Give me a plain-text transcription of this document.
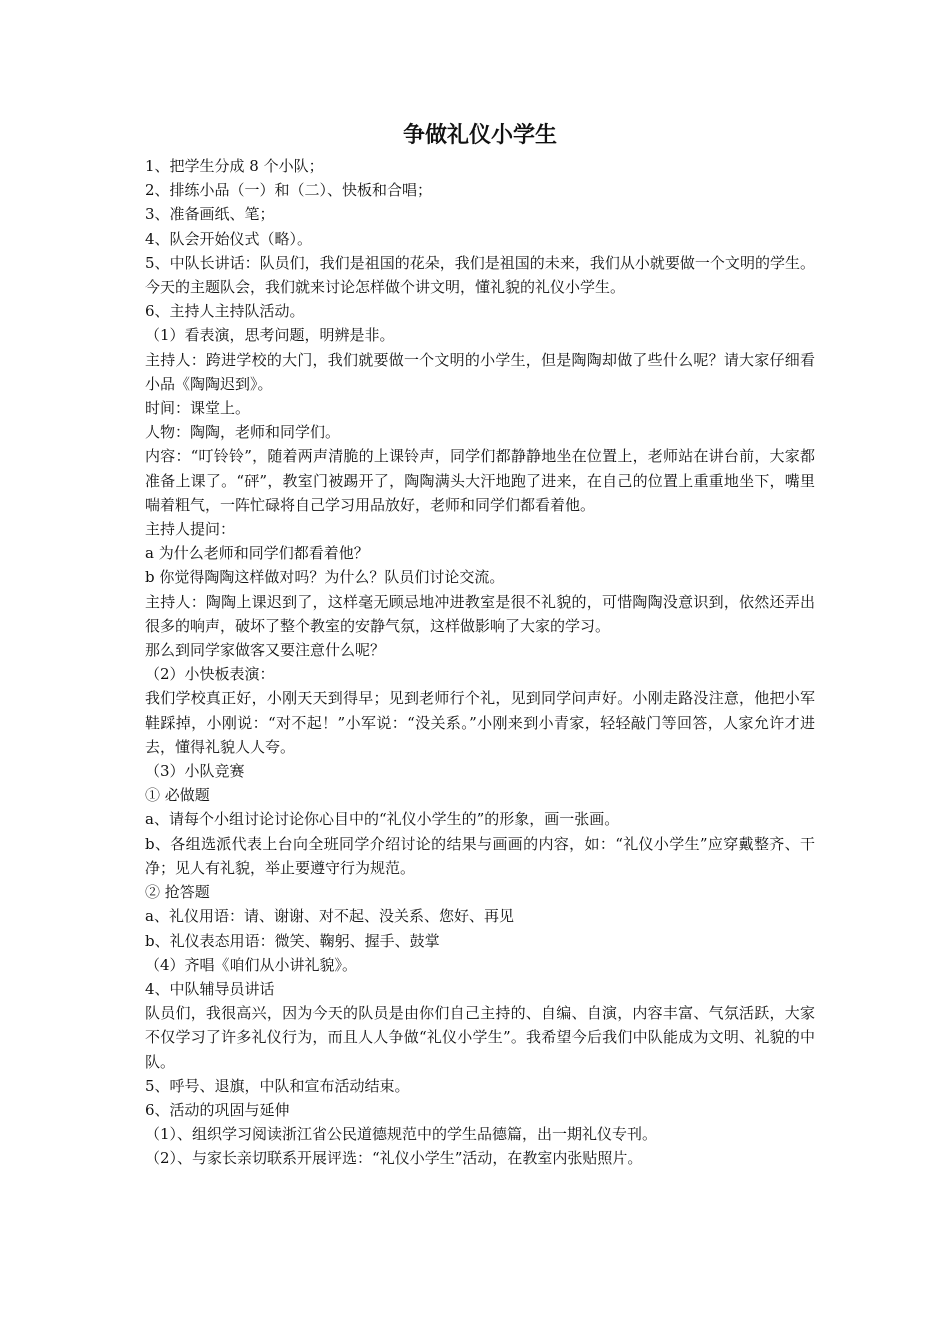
争做礼仪小学生

1、把学生分成 8 个小队；

2、排练小品（一）和（二）、快板和合唱；

3、准备画纸、笔；

4、队会开始仪式（略）。

5、中队长讲话：队员们，我们是祖国的花朵，我们是祖国的未来，我们从小就要做一个文明的学生。今天的主题队会，我们就来讨论怎样做个讲文明，懂礼貌的礼仪小学生。

6、主持人主持队活动。

（1）看表演，思考问题，明辨是非。

主持人：跨进学校的大门，我们就要做一个文明的小学生，但是陶陶却做了些什么呢？请大家仔细看小品《陶陶迟到》。

时间：课堂上。

人物：陶陶，老师和同学们。

内容：“叮铃铃”，随着两声清脆的上课铃声，同学们都静静地坐在位置上，老师站在讲台前，大家都准备上课了。“砰”，教室门被踢开了，陶陶满头大汗地跑了进来，在自己的位置上重重地坐下，嘴里喘着粗气，一阵忙碌将自己学习用品放好，老师和同学们都看着他。

主持人提问：

a 为什么老师和同学们都看着他？

b 你觉得陶陶这样做对吗？为什么？队员们讨论交流。

主持人：陶陶上课迟到了，这样毫无顾忌地冲进教室是很不礼貌的，可惜陶陶没意识到，依然还弄出很多的响声，破坏了整个教室的安静气氛，这样做影响了大家的学习。

那么到同学家做客又要注意什么呢？

（2）小快板表演：

我们学校真正好，小刚天天到得早；见到老师行个礼，见到同学问声好。小刚走路没注意，他把小军鞋踩掉，小刚说：“对不起！”小军说：“没关系。”小刚来到小青家，轻轻敲门等回答，人家允许才进去，懂得礼貌人人夸。

（3）小队竞赛

① 必做题

a、请每个小组讨论讨论你心目中的“礼仪小学生的”的形象，画一张画。

b、各组选派代表上台向全班同学介绍讨论的结果与画画的内容，如：“礼仪小学生”应穿戴整齐、干净；见人有礼貌，举止要遵守行为规范。

② 抢答题

a、礼仪用语：请、谢谢、对不起、没关系、您好、再见

b、礼仪表态用语：微笑、鞠躬、握手、鼓掌

（4）齐唱《咱们从小讲礼貌》。

4、中队辅导员讲话

队员们，我很高兴，因为今天的队员是由你们自己主持的、自编、自演，内容丰富、气氛活跃，大家不仅学习了许多礼仪行为，而且人人争做“礼仪小学生”。我希望今后我们中队能成为文明、礼貌的中队。

5、呼号、退旗，中队和宣布活动结束。

6、活动的巩固与延伸

（1）、组织学习阅读浙江省公民道德规范中的学生品德篇，出一期礼仪专刊。

（2）、与家长亲切联系开展评选：“礼仪小学生”活动，在教室内张贴照片。
